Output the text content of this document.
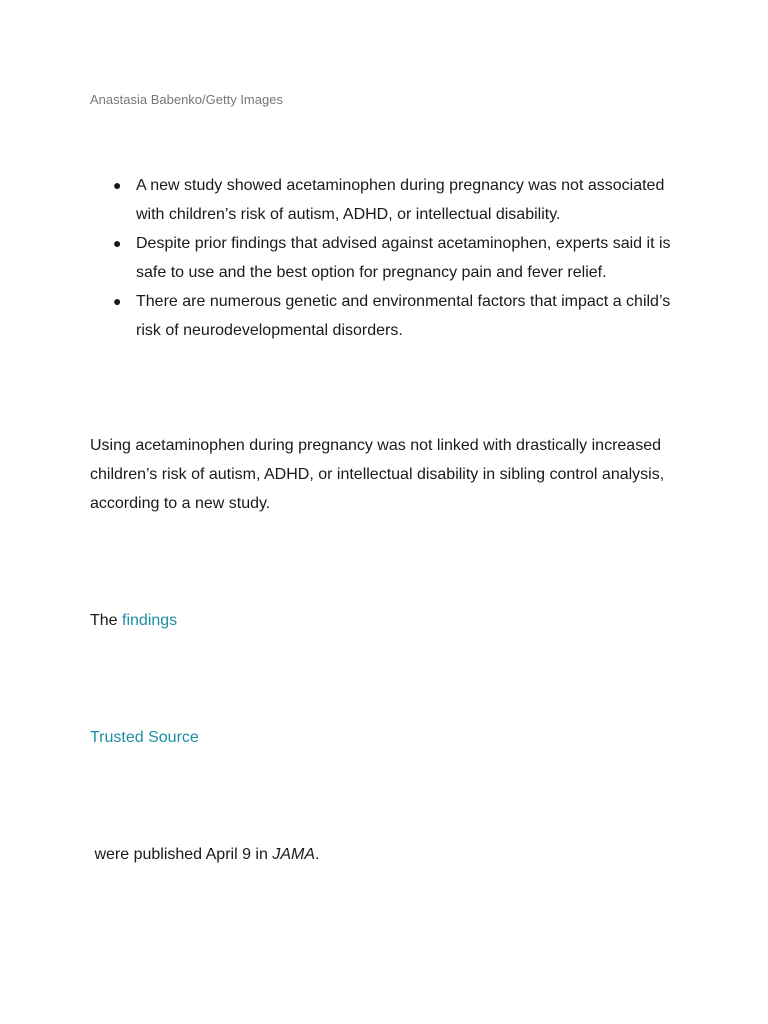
Anastasia Babenko/Getty Images

● A new study showed acetaminophen during pregnancy was not associated with children’s risk of autism, ADHD, or intellectual disability.
● Despite prior findings that advised against acetaminophen, experts said it is safe to use and the best option for pregnancy pain and fever relief.
● There are numerous genetic and environmental factors that impact a child’s risk of neurodevelopmental disorders.

Using acetaminophen during pregnancy was not linked with drastically increased children’s risk of autism, ADHD, or intellectual disability in sibling control analysis, according to a new study.

The findings

Trusted Source

were published April 9 in JAMA.
